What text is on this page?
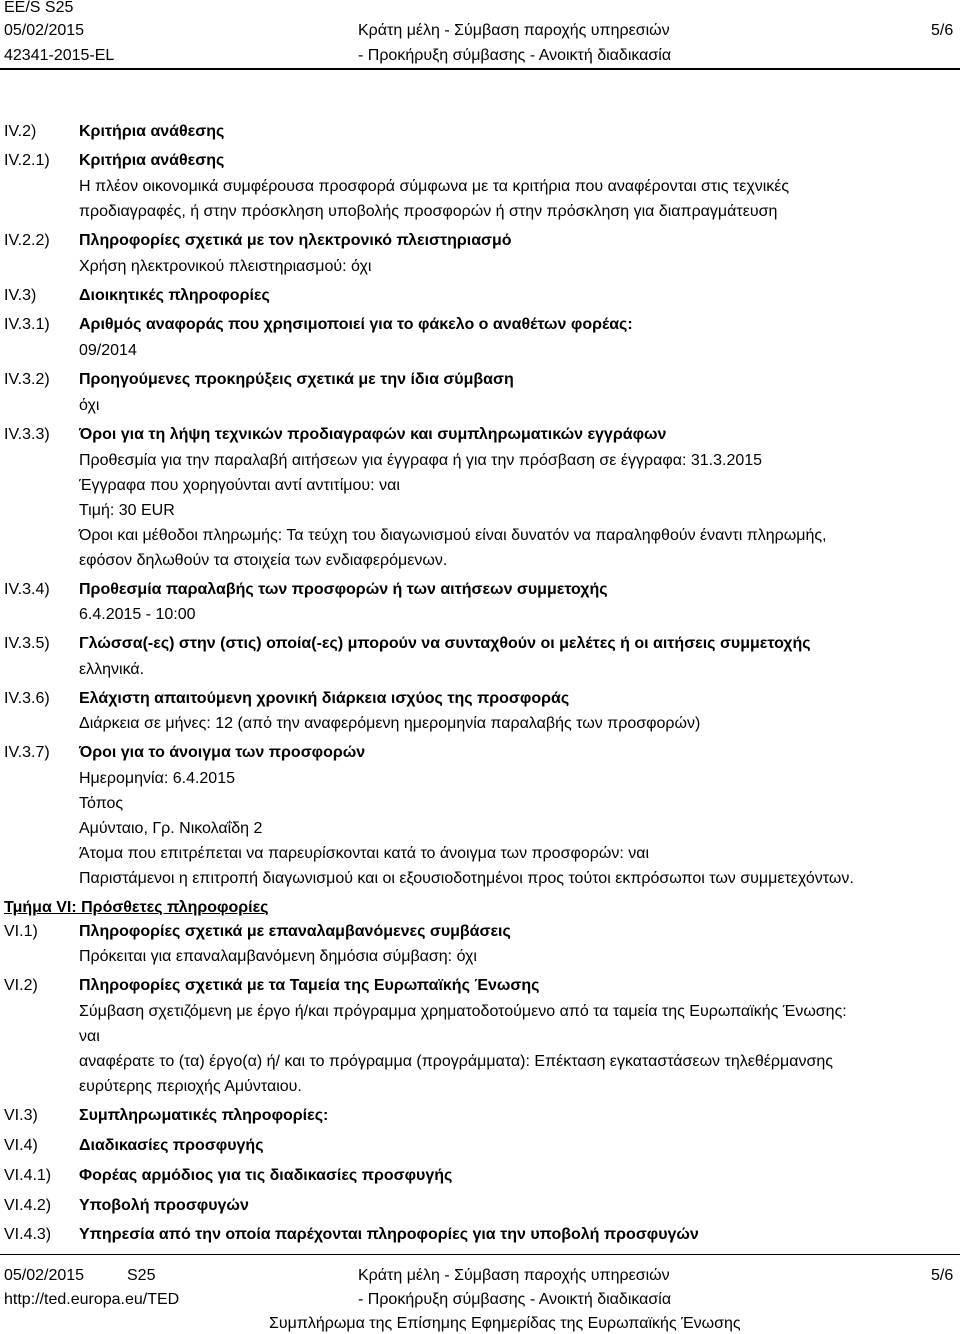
EE/S S25
05/02/2015
42341-2015-EL
Κράτη μέλη - Σύμβαση παροχής υπηρεσιών
- Προκήρυξη σύμβασης - Ανοικτή διαδικασία
5/6
IV.2)	Κριτήρια ανάθεσης
IV.2.1) Κριτήρια ανάθεσης
Η πλέον οικονομικά συμφέρουσα προσφορά σύμφωνα με τα κριτήρια που αναφέρονται στις τεχνικές
προδιαγραφές, ή στην πρόσκληση υποβολής προσφορών ή στην πρόσκληση για διαπραγμάτευση
IV.2.2) Πληροφορίες σχετικά με τον ηλεκτρονικό πλειστηριασμό
Χρήση ηλεκτρονικού πλειστηριασμού: όχι
IV.3)	Διοικητικές πληροφορίες
IV.3.1) Αριθμός αναφοράς που χρησιμοποιεί για το φάκελο ο αναθέτων φορέας:
09/2014
IV.3.2) Προηγούμενες προκηρύξεις σχετικά με την ίδια σύμβαση
όχι
IV.3.3) Όροι για τη λήψη τεχνικών προδιαγραφών και συμπληρωματικών εγγράφων
Προθεσμία για την παραλαβή αιτήσεων για έγγραφα ή για την πρόσβαση σε έγγραφα: 31.3.2015
Έγγραφα που χορηγούνται αντί αντιτίμου: ναι
Τιμή: 30 EUR
Όροι και μέθοδοι πληρωμής: Τα τεύχη του διαγωνισμού είναι δυνατόν να παραληφθούν έναντι πληρωμής,
εφόσον δηλωθούν τα στοιχεία των ενδιαφερόμενων.
IV.3.4) Προθεσμία παραλαβής των προσφορών ή των αιτήσεων συμμετοχής
6.4.2015 - 10:00
IV.3.5) Γλώσσα(-ες) στην (στις) οποία(-ες) μπορούν να συνταχθούν οι μελέτες ή οι αιτήσεις συμμετοχής
ελληνικά.
IV.3.6) Ελάχιστη απαιτούμενη χρονική διάρκεια ισχύος της προσφοράς
Διάρκεια σε μήνες: 12 (από την αναφερόμενη ημερομηνία παραλαβής των προσφορών)
IV.3.7) Όροι για το άνοιγμα των προσφορών
Ημερομηνία: 6.4.2015
Τόπος
Αμύνταιο, Γρ. Νικολαΐδη 2
Άτομα που επιτρέπεται να παρευρίσκονται κατά το άνοιγμα των προσφορών: ναι
Παριστάμενοι η επιτροπή διαγωνισμού και οι εξουσιοδοτημένοι προς τούτοι εκπρόσωποι των συμμετεχόντων.
Τμήμα VI: Πρόσθετες πληροφορίες
VI.1)	Πληροφορίες σχετικά με επαναλαμβανόμενες συμβάσεις
Πρόκειται για επαναλαμβανόμενη δημόσια σύμβαση: όχι
VI.2)	Πληροφορίες σχετικά με τα Ταμεία της Ευρωπαϊκής Ένωσης
Σύμβαση σχετιζόμενη με έργο ή/και πρόγραμμα χρηματοδοτούμενο από τα ταμεία της Ευρωπαϊκής Ένωσης:
ναι
αναφέρατε το (τα) έργο(α) ή/ και το πρόγραμμα (προγράμματα): Επέκταση εγκαταστάσεων τηλεθέρμανσης
ευρύτερης περιοχής Αμύνταιου.
VI.3)	Συμπληρωματικές πληροφορίες:
VI.4)	Διαδικασίες προσφυγής
VI.4.1) Φορέας αρμόδιος για τις διαδικασίες προσφυγής
VI.4.2) Υποβολή προσφυγών
VI.4.3) Υπηρεσία από την οποία παρέχονται πληροφορίες για την υποβολή προσφυγών
05/02/2015	S25
http://ted.europa.eu/TED
Κράτη μέλη - Σύμβαση παροχής υπηρεσιών
- Προκήρυξη σύμβασης - Ανοικτή διαδικασία
Συμπλήρωμα της Επίσημης Εφημερίδας της Ευρωπαϊκής Ένωσης
5/6
